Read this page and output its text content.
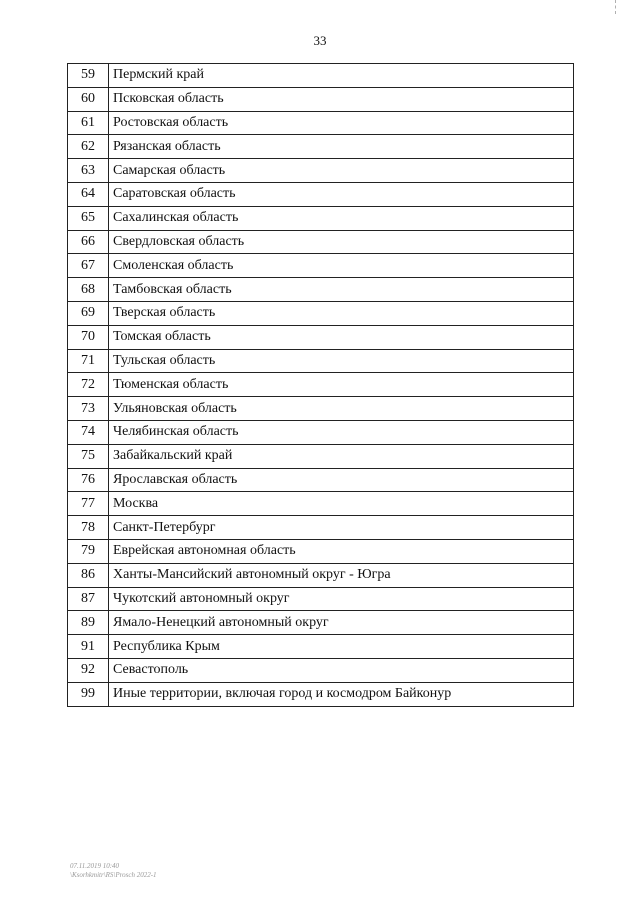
33
59	Пермский край
60	Псковская область
61	Ростовская область
62	Рязанская область
63	Самарская область
64	Саратовская область
65	Сахалинская область
66	Свердловская область
67	Смоленская область
68	Тамбовская область
69	Тверская область
70	Томская область
71	Тульская область
72	Тюменская область
73	Ульяновская область
74	Челябинская область
75	Забайкальский край
76	Ярославская область
77	Москва
78	Санкт-Петербург
79	Еврейская автономная область
86	Ханты-Мансийский автономный округ - Югра
87	Чукотский автономный округ
89	Ямало-Ненецкий автономный округ
91	Республика Крым
92	Севастополь
99	Иные территории, включая город и космодром Байконур
07.11.2019 10:40
\Ksorhkmitr\RS\Prosch 2022-1
